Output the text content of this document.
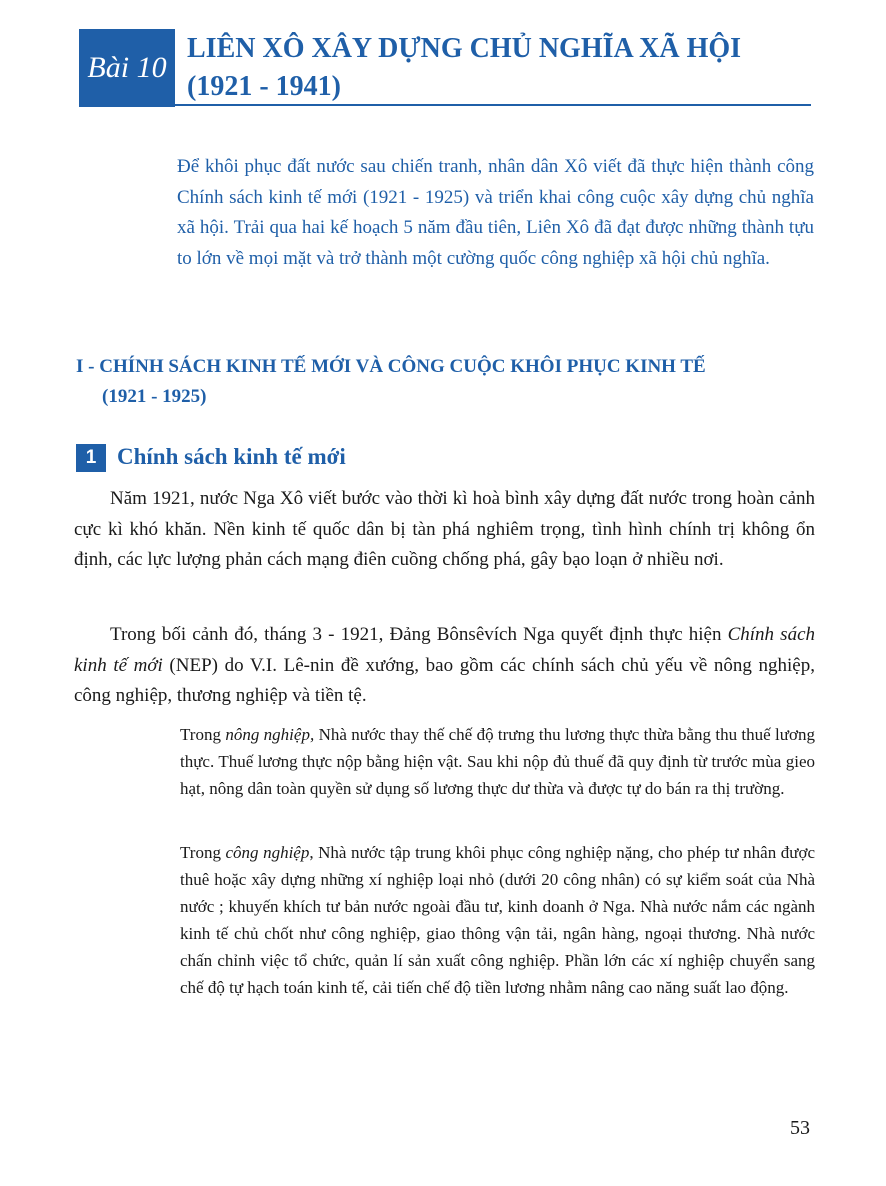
Bài 10
LIÊN XÔ XÂY DỰNG CHỦ NGHĨA XÃ HỘI
(1921 - 1941)
Để khôi phục đất nước sau chiến tranh, nhân dân Xô viết đã thực hiện thành công Chính sách kinh tế mới (1921 - 1925) và triển khai công cuộc xây dựng chủ nghĩa xã hội. Trải qua hai kế hoạch 5 năm đầu tiên, Liên Xô đã đạt được những thành tựu to lớn về mọi mặt và trở thành một cường quốc công nghiệp xã hội chủ nghĩa.
I - CHÍNH SÁCH KINH TẾ MỚI VÀ CÔNG CUỘC KHÔI PHỤC KINH TẾ
(1921 - 1925)
1 Chính sách kinh tế mới

Năm 1921, nước Nga Xô viết bước vào thời kì hoà bình xây dựng đất nước trong hoàn cảnh cực kì khó khăn. Nền kinh tế quốc dân bị tàn phá nghiêm trọng, tình hình chính trị không ổn định, các lực lượng phản cách mạng điên cuồng chống phá, gây bạo loạn ở nhiều nơi.

Trong bối cảnh đó, tháng 3 - 1921, Đảng Bônsêvích Nga quyết định thực hiện Chính sách kinh tế mới (NEP) do V.I. Lê-nin đề xướng, bao gồm các chính sách chủ yếu về nông nghiệp, công nghiệp, thương nghiệp và tiền tệ.

Trong nông nghiệp, Nhà nước thay thế chế độ trưng thu lương thực thừa bằng thu thuế lương thực. Thuế lương thực nộp bằng hiện vật. Sau khi nộp đủ thuế đã quy định từ trước mùa gieo hạt, nông dân toàn quyền sử dụng số lương thực dư thừa và được tự do bán ra thị trường.

Trong công nghiệp, Nhà nước tập trung khôi phục công nghiệp nặng, cho phép tư nhân được thuê hoặc xây dựng những xí nghiệp loại nhỏ (dưới 20 công nhân) có sự kiểm soát của Nhà nước ; khuyến khích tư bản nước ngoài đầu tư, kinh doanh ở Nga. Nhà nước nắm các ngành kinh tế chủ chốt như công nghiệp, giao thông vận tải, ngân hàng, ngoại thương. Nhà nước chấn chỉnh việc tổ chức, quản lí sản xuất công nghiệp. Phần lớn các xí nghiệp chuyển sang chế độ tự hạch toán kinh tế, cải tiến chế độ tiền lương nhằm nâng cao năng suất lao động.

53
